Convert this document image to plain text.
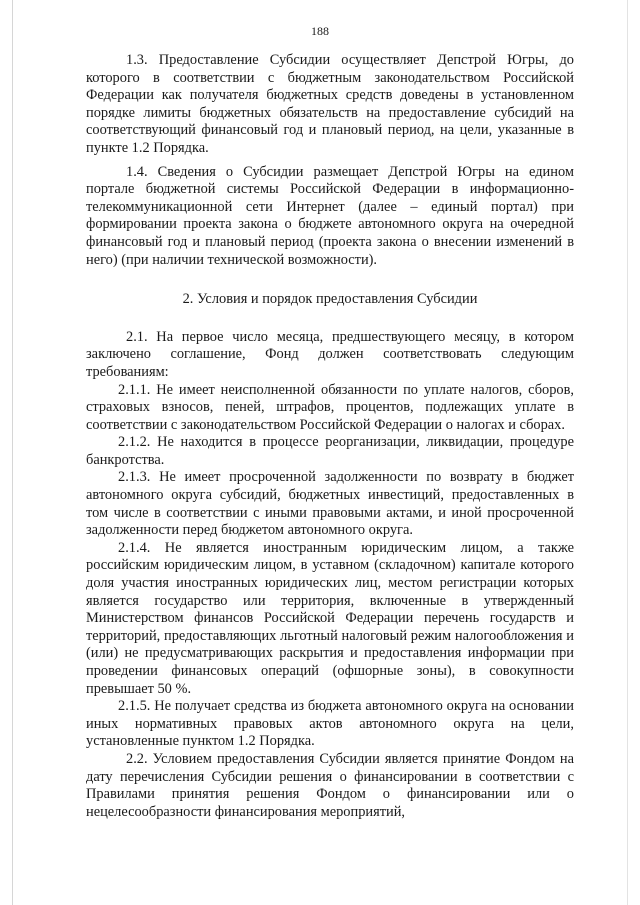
188

1.3. Предоставление Субсидии осуществляет Депстрой Югры, до которого в соответствии с бюджетным законодательством Российской Федерации как получателя бюджетных средств доведены в установленном порядке лимиты бюджетных обязательств на предоставление субсидий на соответствующий финансовый год и плановый период, на цели, указанные в пункте 1.2 Порядка.

1.4. Сведения о Субсидии размещает Депстрой Югры на едином портале бюджетной системы Российской Федерации в информационно-телекоммуникационной сети Интернет (далее – единый портал) при формировании проекта закона о бюджете автономного округа на очередной финансовый год и плановый период (проекта закона о внесении изменений в него) (при наличии технической возможности).

2. Условия и порядок предоставления Субсидии

2.1. На первое число месяца, предшествующего месяцу, в котором заключено соглашение, Фонд должен соответствовать следующим требованиям:

2.1.1. Не имеет неисполненной обязанности по уплате налогов, сборов, страховых взносов, пеней, штрафов, процентов, подлежащих уплате в соответствии с законодательством Российской Федерации о налогах и сборах.

2.1.2. Не находится в процессе реорганизации, ликвидации, процедуре банкротства.

2.1.3. Не имеет просроченной задолженности по возврату в бюджет автономного округа субсидий, бюджетных инвестиций, предоставленных в том числе в соответствии с иными правовыми актами, и иной просроченной задолженности перед бюджетом автономного округа.

2.1.4. Не является иностранным юридическим лицом, а также российским юридическим лицом, в уставном (складочном) капитале которого доля участия иностранных юридических лиц, местом регистрации которых является государство или территория, включенные в утвержденный Министерством финансов Российской Федерации перечень государств и территорий, предоставляющих льготный налоговый режим налогообложения и (или) не предусматривающих раскрытия и предоставления информации при проведении финансовых операций (офшорные зоны), в совокупности превышает 50 %.

2.1.5. Не получает средства из бюджета автономного округа на основании иных нормативных правовых актов автономного округа на цели, установленные пунктом 1.2 Порядка.

2.2. Условием предоставления Субсидии является принятие Фондом на дату перечисления Субсидии решения о финансировании в соответствии с Правилами принятия решения Фондом о финансировании или о нецелесообразности финансирования мероприятий,
